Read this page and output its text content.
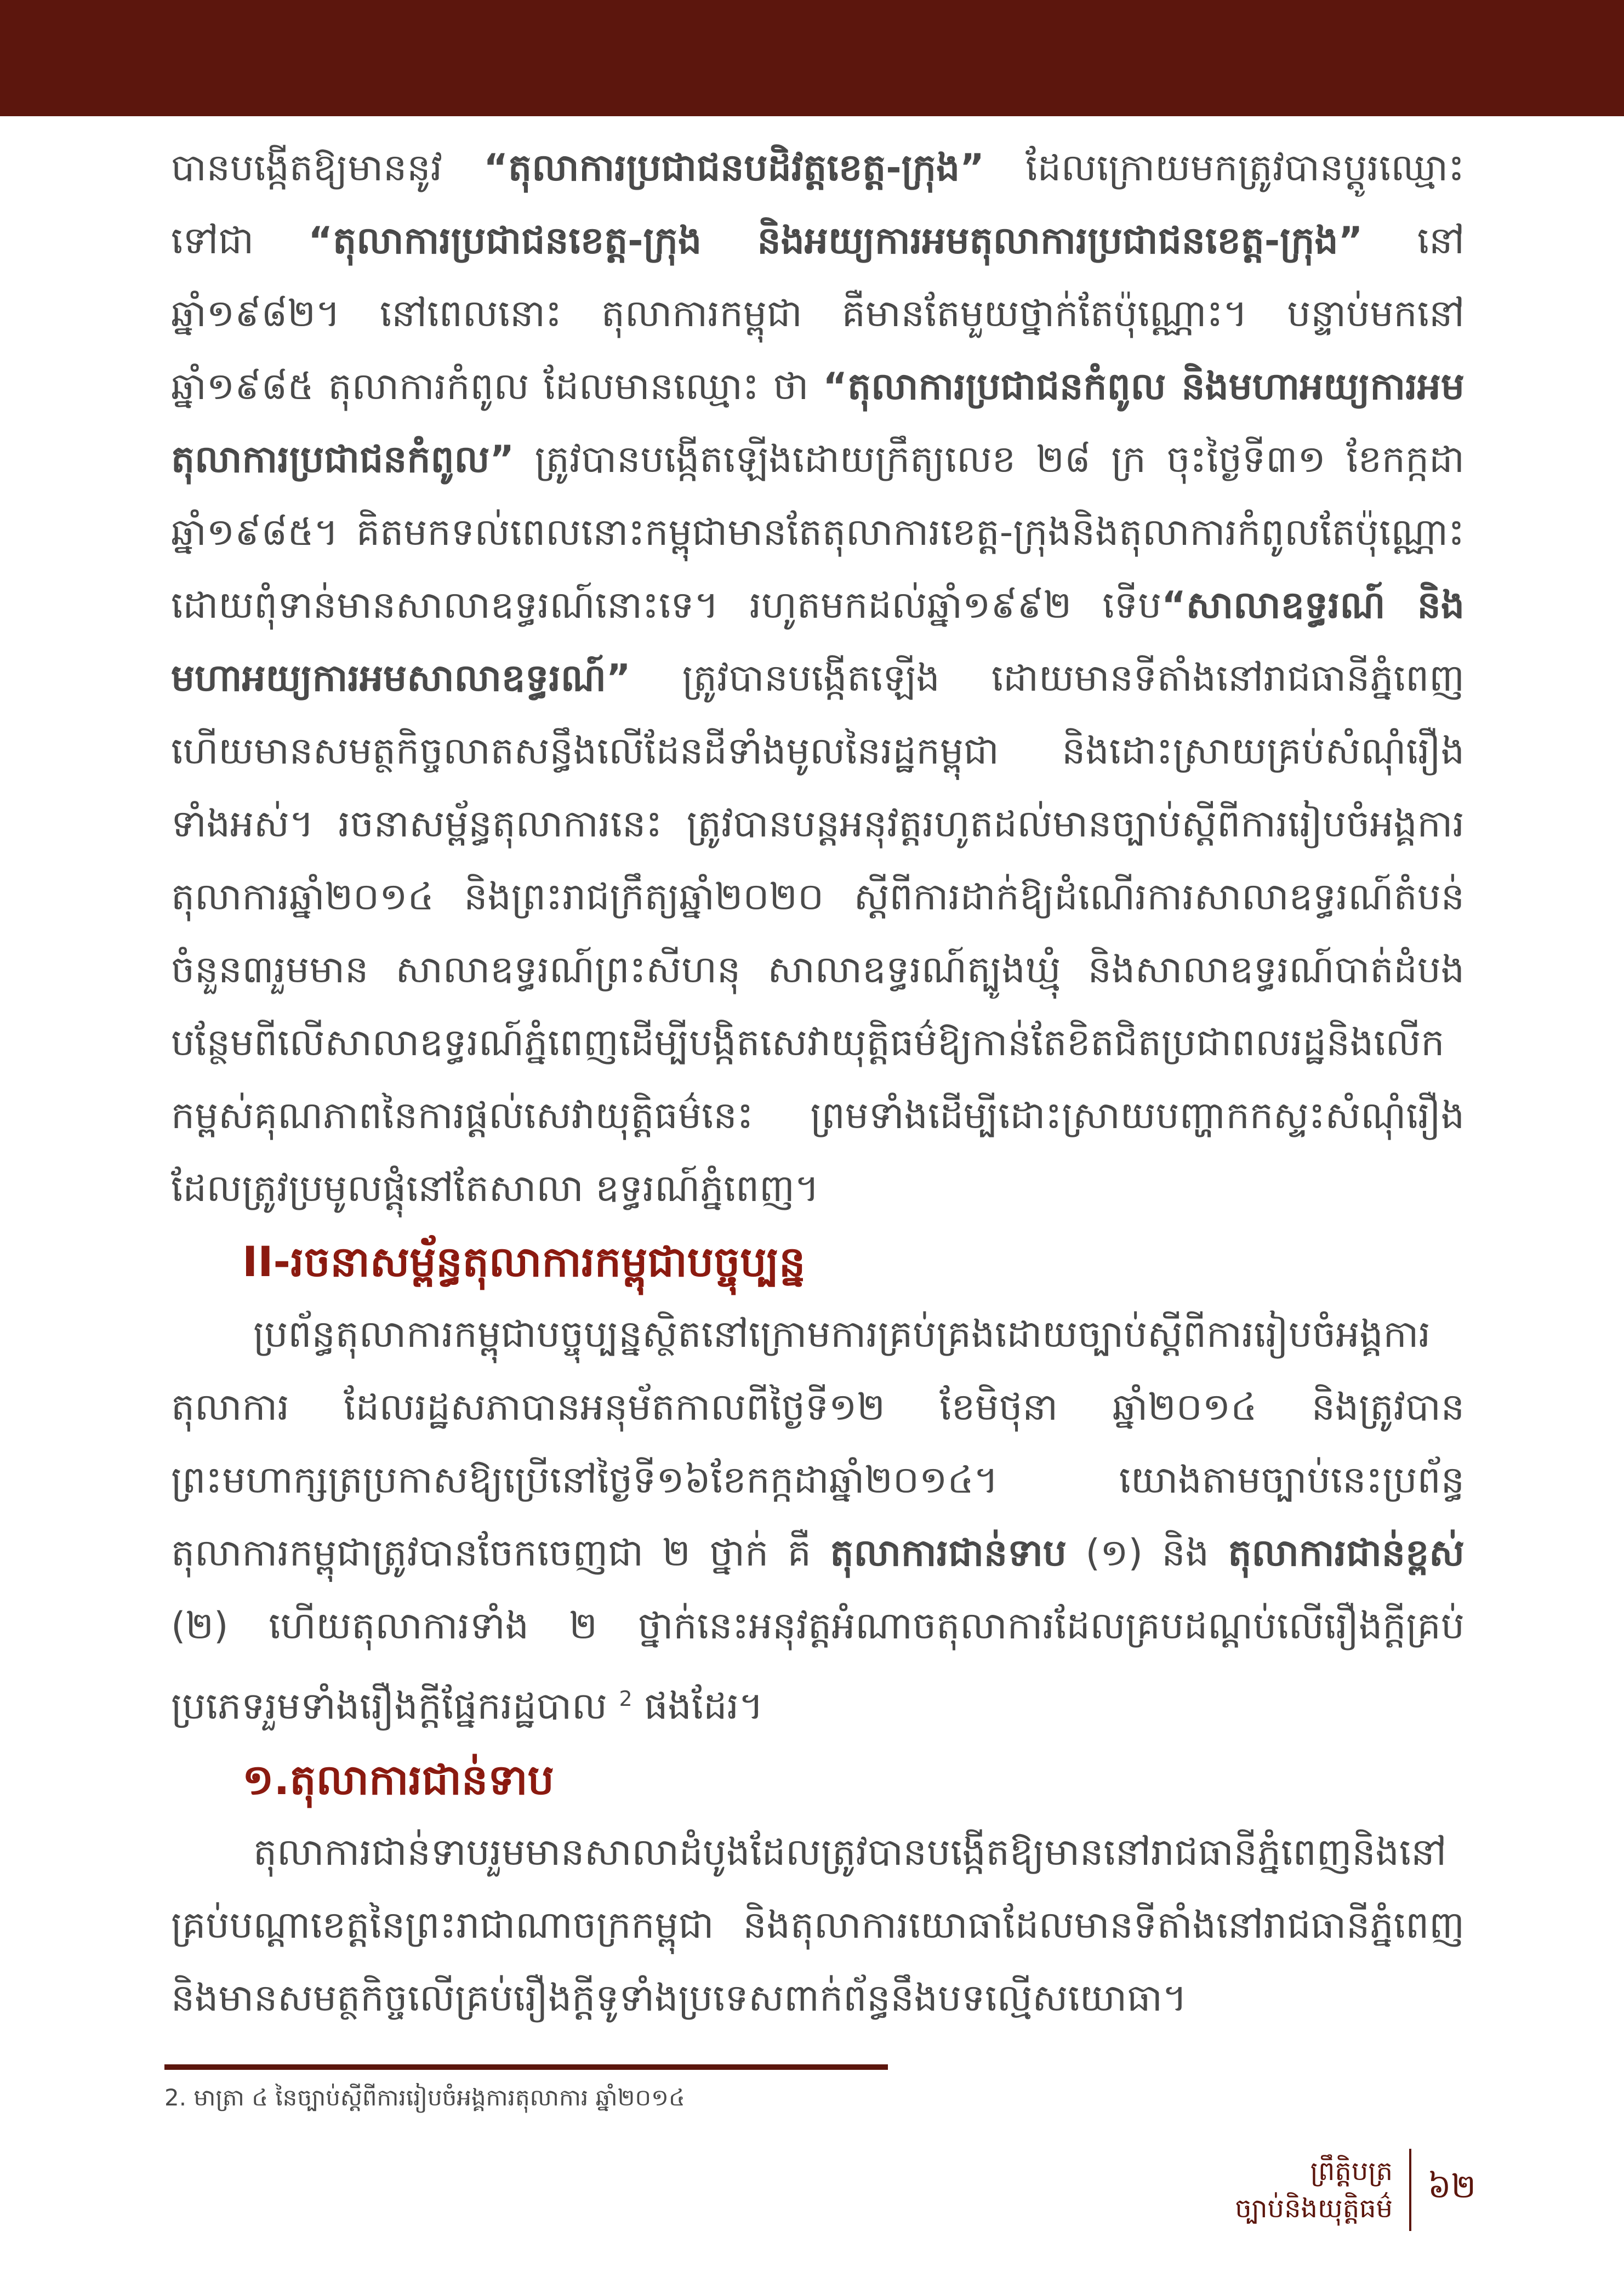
បានបង្កើតឱ្យមាននូវ “តុលាការប្រជាជនបដិវត្តខេត្ត-ក្រុង” ដែលក្រោយមកត្រូវបានប្តូរឈ្មោះទៅជា “តុលាការប្រជាជនខេត្ត-ក្រុង និងអយ្យការអមតុលាការប្រជាជនខេត្ត-ក្រុង” នៅឆ្នាំ១៩៨២។ នៅពេលនោះ តុលាការកម្ពុជា គឺមានតែមួយថ្នាក់តែប៉ុណ្ណោះ។ បន្ទាប់មកនៅឆ្នាំ១៩៨៥ តុលាការកំពូល ដែលមានឈ្មោះ ថា “តុលាការប្រជាជនកំពូល និងមហាអយ្យការអមតុលាការប្រជាជនកំពូល” ត្រូវបានបង្កើតឡើងដោយក្រឹត្យលេខ ២៨ ក្រ ចុះថ្ងៃទី៣១ ខែកក្កដា ឆ្នាំ១៩៨៥។ គិតមកទល់ពេលនោះកម្ពុជាមានតែតុលាការខេត្ត-ក្រុងនិងតុលាការកំពូលតែប៉ុណ្ណោះ ដោយពុំទាន់មានសាលាឧទ្ធរណ៍នោះទេ។ រហូតមកដល់ឆ្នាំ១៩៩២ ទើប“សាលាឧទ្ធរណ៍ និងមហាអយ្យការអមសាលាឧទ្ធរណ៍” ត្រូវបានបង្កើតឡើង ដោយមានទីតាំងនៅរាជធានីភ្នំពេញ ហើយមានសមត្ថកិច្ចលាតសន្ធឹងលើដែនដីទាំងមូលនៃរដ្ឋកម្ពុជា និងដោះស្រាយគ្រប់សំណុំរឿងទាំងអស់។ រចនាសម្ព័ន្ធតុលាការនេះ ត្រូវបានបន្តអនុវត្តរហូតដល់មានច្បាប់ស្តីពីការរៀបចំអង្គការតុលាការឆ្នាំ២០១៤ និងព្រះរាជក្រឹត្យឆ្នាំ២០២០ ស្តីពីការដាក់ឱ្យដំណើរការសាលាឧទ្ធរណ៍តំបន់ចំនួន៣រួមមាន សាលាឧទ្ធរណ៍ព្រះសីហនុ សាលាឧទ្ធរណ៍ត្បូងឃ្មុំ និងសាលាឧទ្ធរណ៍បាត់ដំបង បន្ថែមពីលើសាលាឧទ្ធរណ៍ភ្នំពេញដើម្បីបង្កិតសេវាយុត្តិធម៌ឱ្យកាន់តែខិតជិតប្រជាពលរដ្ឋនិងលើកកម្ពស់គុណភាពនៃការផ្តល់សេវាយុត្តិធម៌នេះ ព្រមទាំងដើម្បីដោះស្រាយបញ្ហាកកស្ទះសំណុំរឿងដែលត្រូវប្រមូលផ្តុំនៅតែសាលា ឧទ្ធរណ៍ភ្នំពេញ។

II-រចនាសម្ព័ន្ធតុលាការកម្ពុជាបច្ចុប្បន្ន

ប្រព័ន្ធតុលាការកម្ពុជាបច្ចុប្បន្នស្ថិតនៅក្រោមការគ្រប់គ្រងដោយច្បាប់ស្តីពីការរៀបចំអង្គការតុលាការ ដែលរដ្ឋសភាបានអនុម័តកាលពីថ្ងៃទី១២ ខែមិថុនា ឆ្នាំ២០១៤ និងត្រូវបានព្រះមហាក្សត្រប្រកាសឱ្យប្រើនៅថ្ងៃទី១៦ខែកក្កដាឆ្នាំ២០១៤។ យោងតាមច្បាប់នេះប្រព័ន្ធតុលាការកម្ពុជាត្រូវបានចែកចេញជា ២ ថ្នាក់ គឺ តុលាការជាន់ទាប (១) និង តុលាការជាន់ខ្ពស់ (២) ហើយតុលាការទាំង ២ ថ្នាក់នេះអនុវត្តអំណាចតុលាការដែលគ្របដណ្តប់លើរឿងក្តីគ្រប់ប្រភេទរួមទាំងរឿងក្តីផ្នែករដ្ឋបាល $^2$ ផងដែរ។

១.តុលាការជាន់ទាប

តុលាការជាន់ទាបរួមមានសាលាដំបូងដែលត្រូវបានបង្កើតឱ្យមាននៅរាជធានីភ្នំពេញនិងនៅគ្រប់បណ្តាខេត្តនៃព្រះរាជាណាចក្រកម្ពុជា និងតុលាការយោធាដែលមានទីតាំងនៅរាជធានីភ្នំពេញនិងមានសមត្ថកិច្ចលើគ្រប់រឿងក្តីទូទាំងប្រទេសពាក់ព័ន្ធនឹងបទល្មើសយោធា។

2. មាត្រា ៤ នៃច្បាប់ស្តីពីការរៀបចំអង្គការតុលាការ ឆ្នាំ២០១៤
ព្រឹត្តិបត្រ
ច្បាប់និងយុត្តិធម៌
៦២
